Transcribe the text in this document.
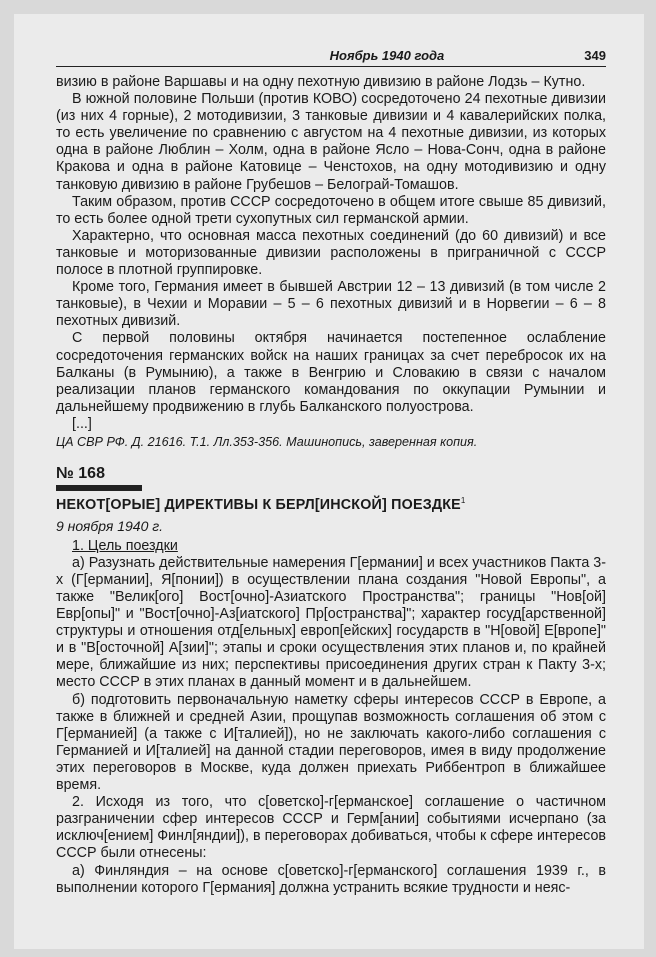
Ноябрь 1940 года	349

визию в районе Варшавы и на одну пехотную дивизию в районе Лодзь – Кутно.

В южной половине Польши (против КОВО) сосредоточено 24 пехотные дивизии (из них 4 горные), 2 мотодивизии, 3 танковые дивизии и 4 кавалерийских полка, то есть увеличение по сравнению с августом на 4 пехотные дивизии, из которых одна в районе Люблин – Холм, одна в районе Ясло – Нова-Сонч, одна в районе Кракова и одна в районе Катовице – Ченстохов, на одну мотодивизию и одну танковую дивизию в районе Грубешов – Белограй-Томашов.

Таким образом, против СССР сосредоточено в общем итоге свыше 85 дивизий, то есть более одной трети сухопутных сил германской армии.

Характерно, что основная масса пехотных соединений (до 60 дивизий) и все танковые и моторизованные дивизии расположены в приграничной с СССР полосе в плотной группировке.

Кроме того, Германия имеет в бывшей Австрии 12 – 13 дивизий (в том числе 2 танковые), в Чехии и Моравии – 5 – 6 пехотных дивизий и в Норвегии – 6 – 8 пехотных дивизий.

С первой половины октября начинается постепенное ослабление сосредоточения германских войск на наших границах за счет перебросок их на Балканы (в Румынию), а также в Венгрию и Словакию в связи с началом реализации планов германского командования по оккупации Румынии и дальнейшему продвижению в глубь Балканского полуострова.

[...]

ЦА СВР РФ. Д. 21616. Т.1. Лл.353-356. Машинопись, заверенная копия.

№ 168
НЕКОТ[ОРЫЕ] ДИРЕКТИВЫ К БЕРЛ[ИНСКОЙ] ПОЕЗДКЕ$^1$
9 ноября 1940 г.

1. Цель поездки

а) Разузнать действительные намерения Г[ермании] и всех участников Пакта 3-х (Г[ермании], Я[понии]) в осуществлении плана создания "Новой Европы", а также "Велик[ого] Вост[очно]-Азиатского Пространства"; границы "Нов[ой] Евр[опы]" и "Вост[очно]-Аз[иатского] Пр[остранства]"; характер госуд[арственной] структуры и отношения отд[ельных] европ[ейских] государств в "Н[овой] Е[вропе]" и в "В[осточной] А[зии]"; этапы и сроки осуществления этих планов и, по крайней мере, ближайшие из них; перспективы присоединения других стран к Пакту 3-х; место СССР в этих планах в данный момент и в дальнейшем.

б) подготовить первоначальную наметку сферы интересов СССР в Европе, а также в ближней и средней Азии, прощупав возможность соглашения об этом с Г[ерманией] (а также с И[талией]), но не заключать какого-либо соглашения с Германией и И[талией] на данной стадии переговоров, имея в виду продолжение этих переговоров в Москве, куда должен приехать Риббентроп в ближайшее время.

2. Исходя из того, что с[оветско]-г[ерманское] соглашение о частичном разграничении сфер интересов СССР и Герм[ании] событиями исчерпано (за исключ[ением] Финл[яндии]), в переговорах добиваться, чтобы к сфере интересов СССР были отнесены:

а) Финляндия – на основе с[оветско]-г[ерманского] соглашения 1939 г., в выполнении которого Г[ермания] должна устранить всякие трудности и неяс-
